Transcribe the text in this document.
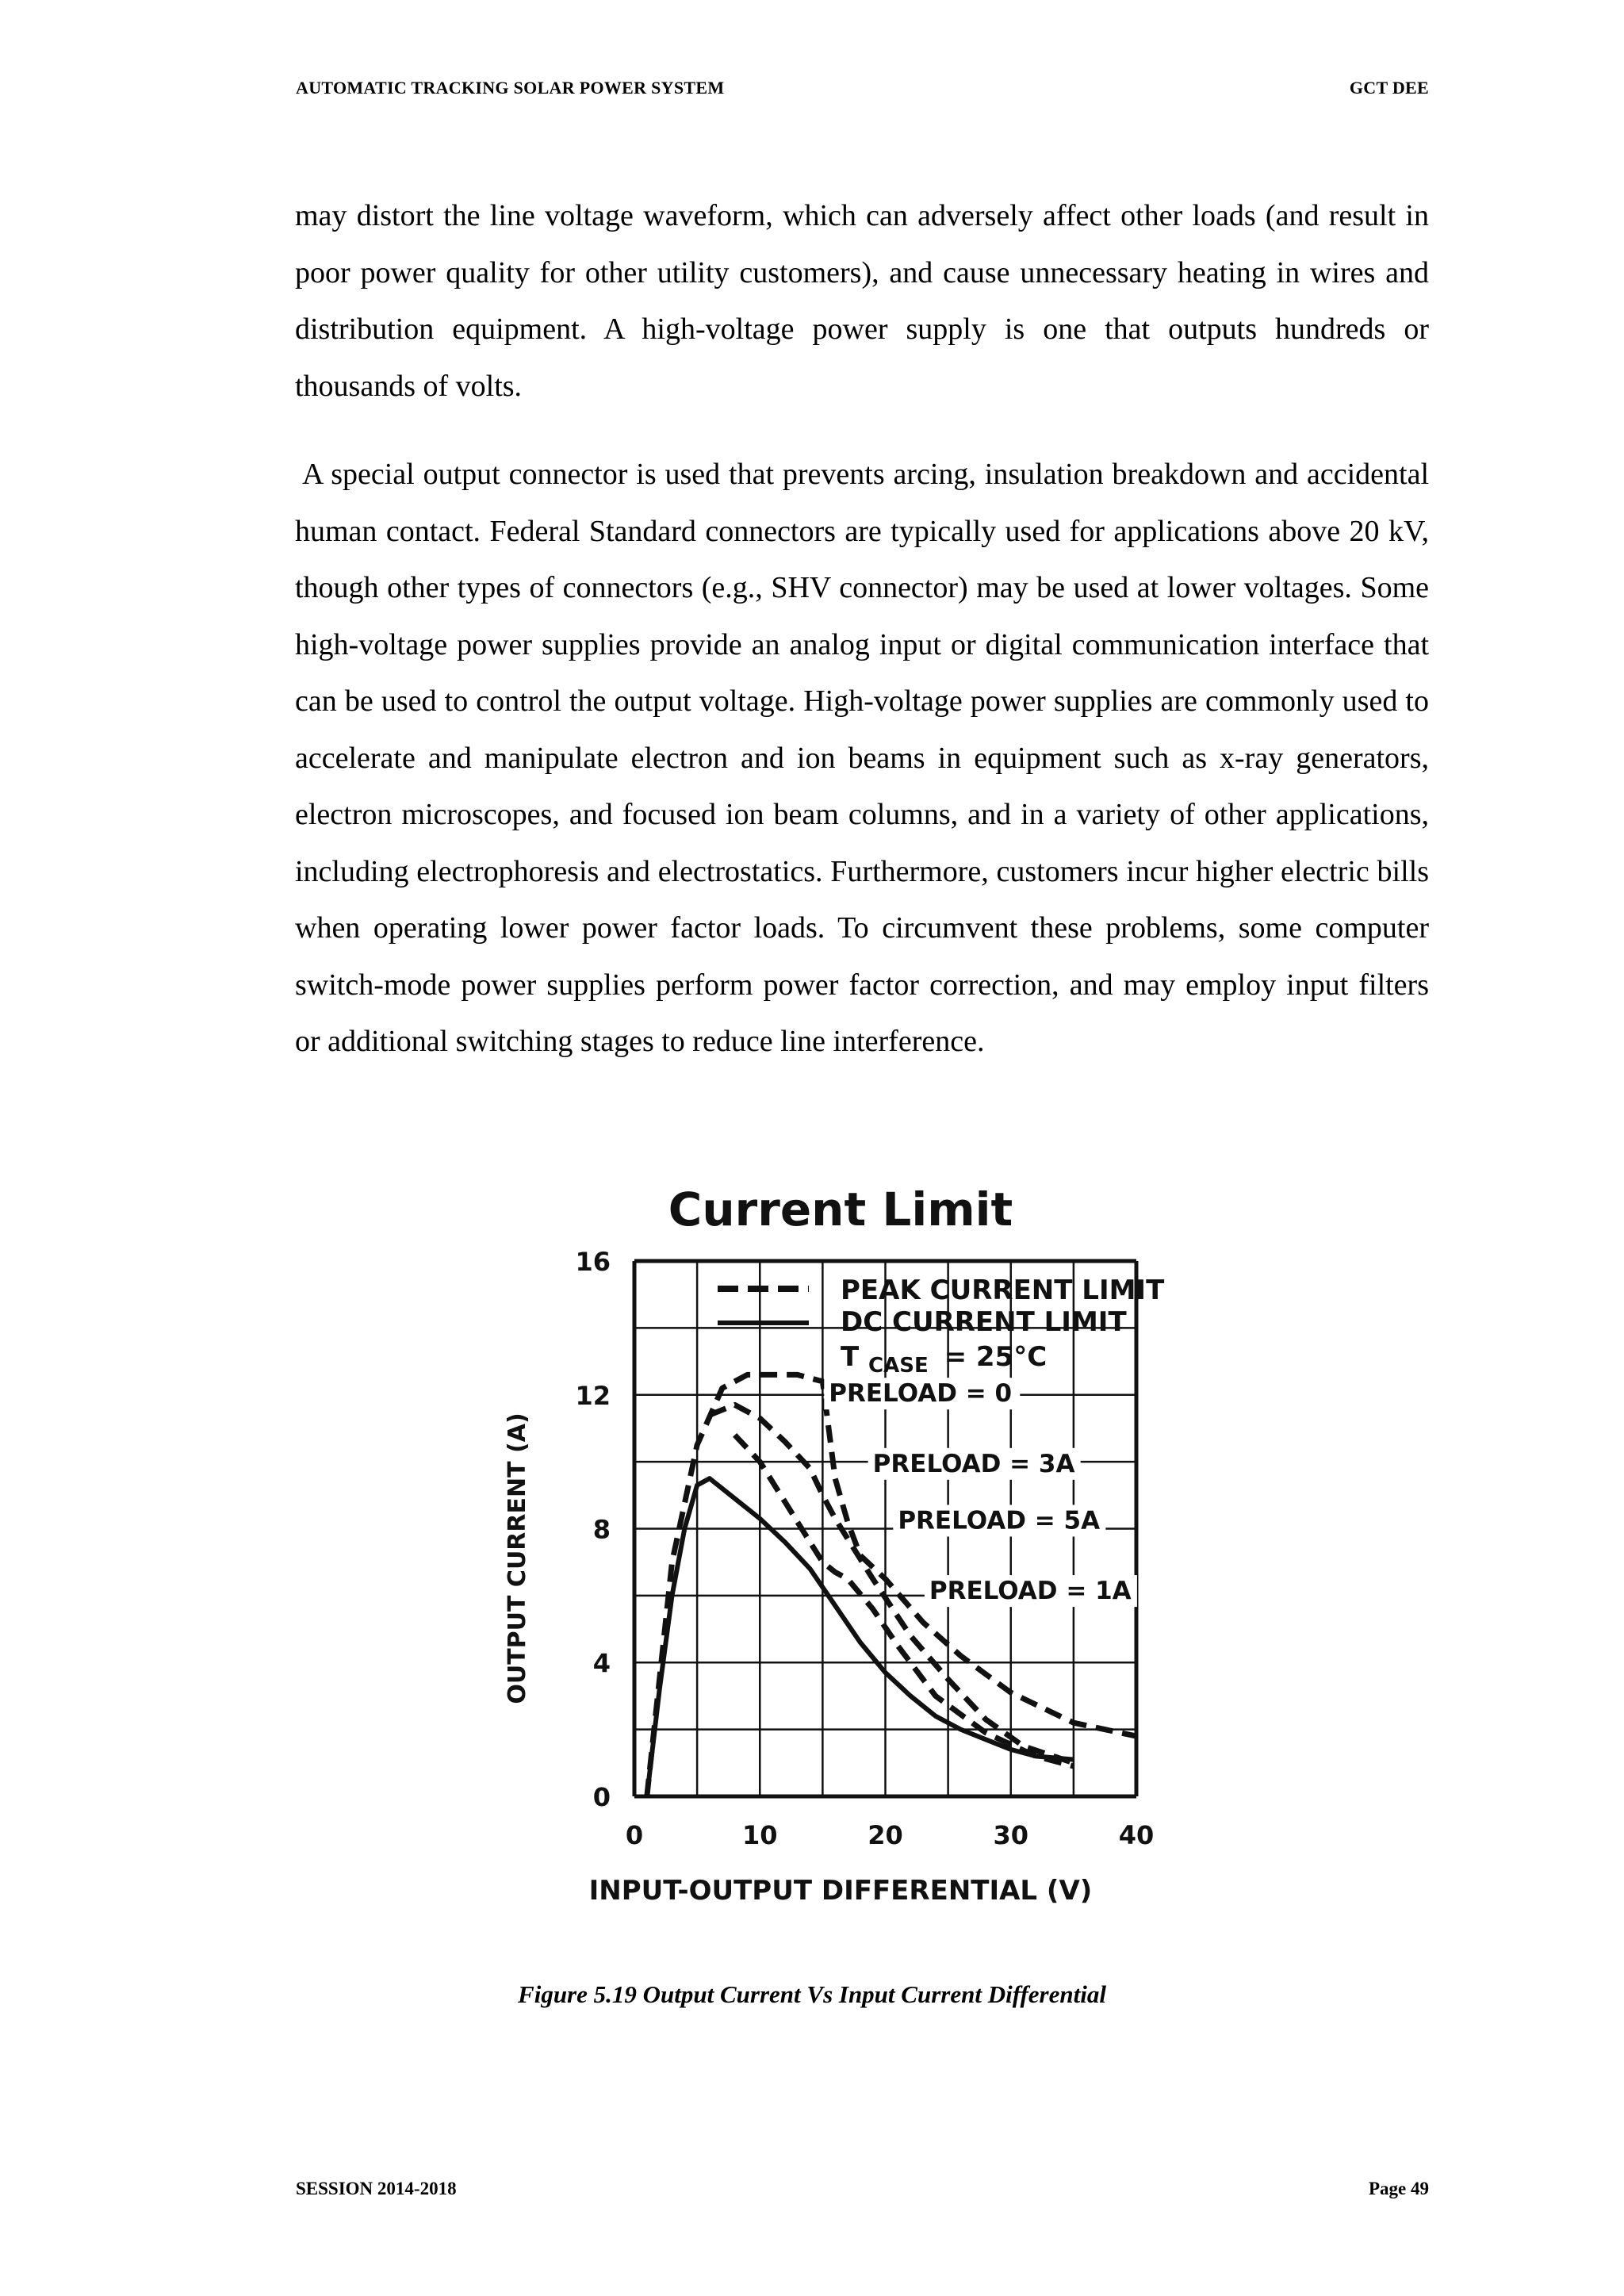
AUTOMATIC TRACKING SOLAR POWER SYSTEM	GCT DEE

may distort the line voltage waveform, which can adversely affect other loads (and result in poor power quality for other utility customers), and cause unnecessary heating in wires and distribution equipment. A high-voltage power supply is one that outputs hundreds or thousands of volts.

A special output connector is used that prevents arcing, insulation breakdown and accidental human contact. Federal Standard connectors are typically used for applications above 20 kV, though other types of connectors (e.g., SHV connector) may be used at lower voltages. Some high-voltage power supplies provide an analog input or digital communication interface that can be used to control the output voltage. High-voltage power supplies are commonly used to accelerate and manipulate electron and ion beams in equipment such as x-ray generators, electron microscopes, and focused ion beam columns, and in a variety of other applications, including electrophoresis and electrostatics. Furthermore, customers incur higher electric bills when operating lower power factor loads. To circumvent these problems, some computer switch-mode power supplies perform power factor correction, and may employ input filters or additional switching stages to reduce line interference.

Current Limit
0
4
8
12
16
0	10	20	30	40
PEAK CURRENT LIMIT
DC CURRENT LIMIT
T $_{CASE}$ = 25°C
PRELOAD = 0
PRELOAD = 3A
PRELOAD = 5A
PRELOAD = 1A
INPUT-OUTPUT DIFFERENTIAL (V)
OUTPUT CURRENT (A)
Figure 5.19 Output Current Vs Input Current Differential
SESSION 2014-2018	Page 49
